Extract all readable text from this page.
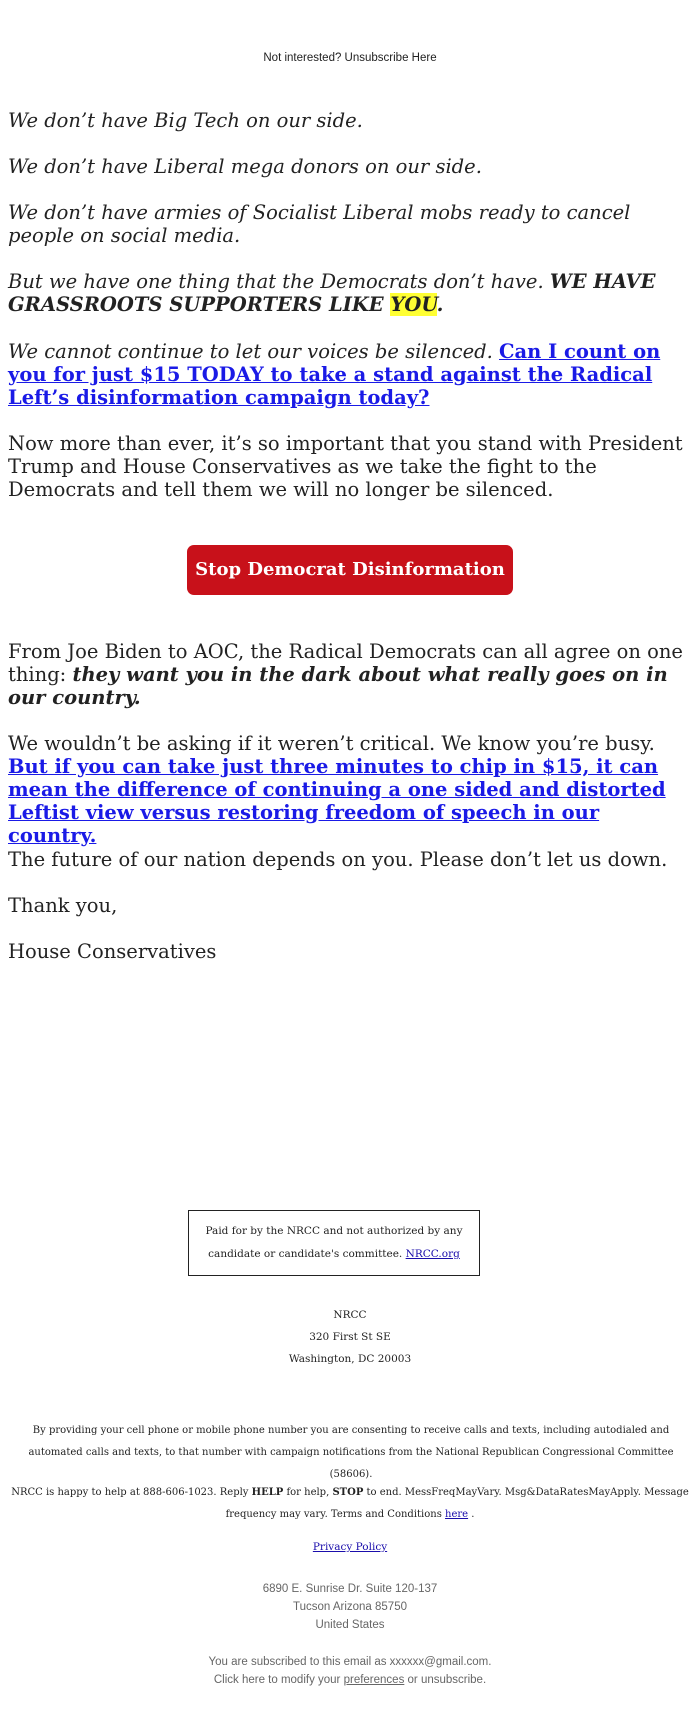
Not interested? Unsubscribe Here

We don’t have Big Tech on our side.

We don’t have Liberal mega donors on our side.

We don’t have armies of Socialist Liberal mobs ready to cancel people on social media.

But we have one thing that the Democrats don’t have. WE HAVE GRASSROOTS SUPPORTERS LIKE YOU.

We cannot continue to let our voices be silenced. Can I count on you for just $15 TODAY to take a stand against the Radical Left’s disinformation campaign today?

Now more than ever, it’s so important that you stand with President Trump and House Conservatives as we take the fight to the Democrats and tell them we will no longer be silenced.

Stop Democrat Disinformation

From Joe Biden to AOC, the Radical Democrats can all agree on one thing: they want you in the dark about what really goes on in our country.

We wouldn’t be asking if it weren’t critical. We know you’re busy. But if you can take just three minutes to chip in $15, it can mean the difference of continuing a one sided and distorted Leftist view versus restoring freedom of speech in our country.

The future of our nation depends on you. Please don’t let us down.

Thank you,

House Conservatives

Paid for by the NRCC and not authorized by any candidate or candidate's committee. NRCC.org
NRCC
320 First St SE
Washington, DC 20003
By providing your cell phone or mobile phone number you are consenting to receive calls and texts, including autodialed and automated calls and texts, to that number with campaign notifications from the National Republican Congressional Committee (58606).
NRCC is happy to help at 888-606-1023. Reply HELP for help, STOP to end. MessFreqMayVary. Msg&DataRatesMayApply. Message frequency may vary. Terms and Conditions here .
Privacy Policy
6890 E. Sunrise Dr. Suite 120-137
Tucson Arizona 85750
United States
You are subscribed to this email as xxxxxx@gmail.com.
Click here to modify your preferences or unsubscribe.
